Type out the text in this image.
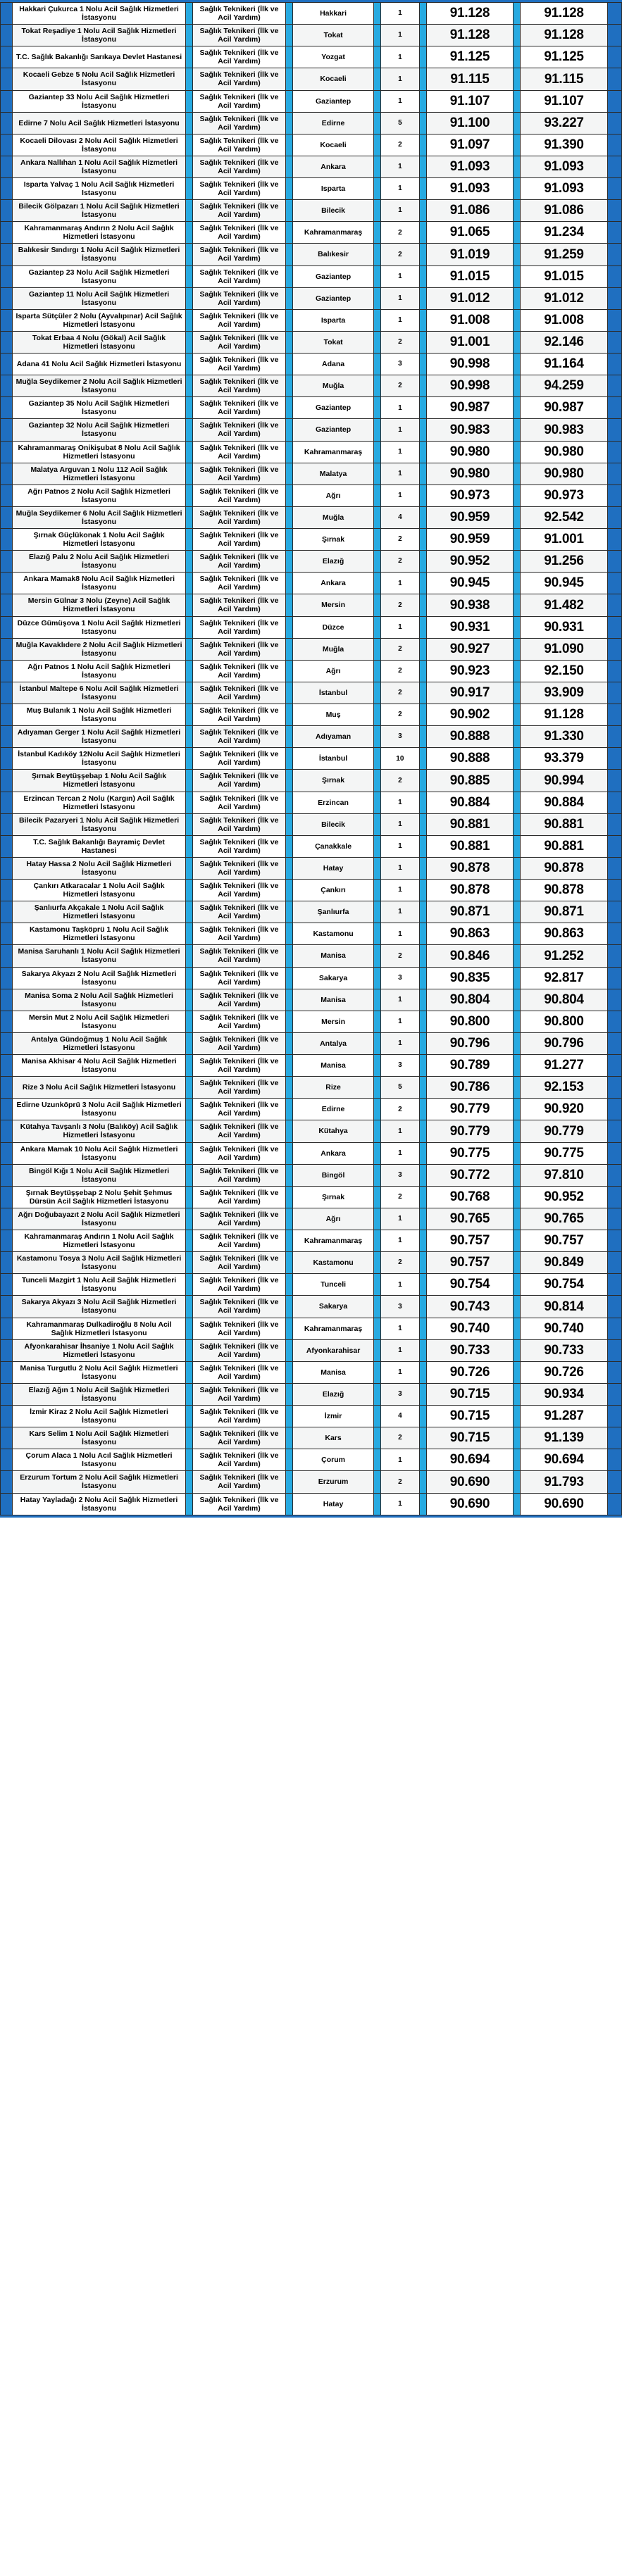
	Hakkari Çukurca 1 Nolu Acil Sağlık Hizmetleri İstasyonu		Sağlık Teknikeri (İlk ve Acil Yardım)		Hakkari		1		91.128		91.128	
	Tokat Reşadiye 1 Nolu Acil Sağlık Hizmetleri İstasyonu		Sağlık Teknikeri (İlk ve Acil Yardım)		Tokat		1		91.128		91.128	
	T.C. Sağlık Bakanlığı Sarıkaya Devlet Hastanesi		Sağlık Teknikeri (İlk ve Acil Yardım)		Yozgat		1		91.125		91.125	
	Kocaeli Gebze 5 Nolu Acil Sağlık Hizmetleri İstasyonu		Sağlık Teknikeri (İlk ve Acil Yardım)		Kocaeli		1		91.115		91.115	
	Gaziantep 33 Nolu Acil Sağlık Hizmetleri İstasyonu		Sağlık Teknikeri (İlk ve Acil Yardım)		Gaziantep		1		91.107		91.107	
	Edirne 7 Nolu Acil Sağlık Hizmetleri İstasyonu		Sağlık Teknikeri (İlk ve Acil Yardım)		Edirne		5		91.100		93.227	
	Kocaeli Dilovası 2 Nolu Acil Sağlık Hizmetleri İstasyonu		Sağlık Teknikeri (İlk ve Acil Yardım)		Kocaeli		2		91.097		91.390	
	Ankara Nallıhan 1 Nolu Acil Sağlık Hizmetleri İstasyonu		Sağlık Teknikeri (İlk ve Acil Yardım)		Ankara		1		91.093		91.093	
	Isparta Yalvaç 1 Nolu Acil Sağlık Hizmetleri Istasyonu		Sağlık Teknikeri (İlk ve Acil Yardım)		Isparta		1		91.093		91.093	
	Bilecik Gölpazarı 1 Nolu Acil Sağlık Hizmetleri İstasyonu		Sağlık Teknikeri (İlk ve Acil Yardım)		Bilecik		1		91.086		91.086	
	Kahramanmaraş Andırın 2 Nolu Acil Sağlık Hizmetleri İstasyonu		Sağlık Teknikeri (İlk ve Acil Yardım)		Kahramanmaraş		2		91.065		91.234	
	Balıkesir Sındırgı 1 Nolu Acil Sağlık Hizmetleri İstasyonu		Sağlık Teknikeri (İlk ve Acil Yardım)		Balıkesir		2		91.019		91.259	
	Gaziantep 23 Nolu Acil Sağlık Hizmetleri İstasyonu		Sağlık Teknikeri (İlk ve Acil Yardım)		Gaziantep		1		91.015		91.015	
	Gaziantep 11 Nolu Acil Sağlık Hizmetleri İstasyonu		Sağlık Teknikeri (İlk ve Acil Yardım)		Gaziantep		1		91.012		91.012	
	Isparta Sütçüler 2 Nolu (Ayvalıpınar) Acil Sağlık Hizmetleri İstasyonu		Sağlık Teknikeri (İlk ve Acil Yardım)		Isparta		1		91.008		91.008	
	Tokat Erbaa 4 Nolu (Gökal) Acil Sağlık Hizmetleri İstasyonu		Sağlık Teknikeri (İlk ve Acil Yardım)		Tokat		2		91.001		92.146	
	Adana 41 Nolu Acil Sağlık Hizmetleri İstasyonu		Sağlık Teknikeri (İlk ve Acil Yardım)		Adana		3		90.998		91.164	
	Muğla Seydikemer 2 Nolu Acil Sağlık Hizmetleri İstasyonu		Sağlık Teknikeri (İlk ve Acil Yardım)		Muğla		2		90.998		94.259	
	Gaziantep 35 Nolu Acil Sağlık Hizmetleri İstasyonu		Sağlık Teknikeri (İlk ve Acil Yardım)		Gaziantep		1		90.987		90.987	
	Gaziantep 32 Nolu Acil Sağlık Hizmetleri İstasyonu		Sağlık Teknikeri (İlk ve Acil Yardım)		Gaziantep		1		90.983		90.983	
	Kahramanmaraş Onikişubat 8 Nolu Acil Sağlık Hizmetleri İstasyonu		Sağlık Teknikeri (İlk ve Acil Yardım)		Kahramanmaraş		1		90.980		90.980	
	Malatya Arguvan 1 Nolu 112 Acil Sağlık Hizmetleri İstasyonu		Sağlık Teknikeri (İlk ve Acil Yardım)		Malatya		1		90.980		90.980	
	Ağrı Patnos 2 Nolu Acil Sağlık Hizmetleri İstasyonu		Sağlık Teknikeri (İlk ve Acil Yardım)		Ağrı		1		90.973		90.973	
	Muğla Seydikemer 6 Nolu Acil Sağlık Hizmetleri İstasyonu		Sağlık Teknikeri (İlk ve Acil Yardım)		Muğla		4		90.959		92.542	
	Şırnak Güçlükonak 1 Nolu Acil Sağlık Hizmetleri İstasyonu		Sağlık Teknikeri (İlk ve Acil Yardım)		Şırnak		2		90.959		91.001	
	Elazığ Palu 2 Nolu Acil Sağlık Hizmetleri İstasyonu		Sağlık Teknikeri (İlk ve Acil Yardım)		Elazığ		2		90.952		91.256	
	Ankara Mamak8 Nolu Acil Sağlık Hizmetleri İstasyonu		Sağlık Teknikeri (İlk ve Acil Yardım)		Ankara		1		90.945		90.945	
	Mersin Gülnar 3 Nolu (Zeyne) Acil Sağlık Hizmetleri İstasyonu		Sağlık Teknikeri (İlk ve Acil Yardım)		Mersin		2		90.938		91.482	
	Düzce Gümüşova 1 Nolu Acil Sağlık Hizmetleri Istasyonu		Sağlık Teknikeri (İlk ve Acil Yardım)		Düzce		1		90.931		90.931	
	Muğla Kavaklıdere 2 Nolu Acil Sağlık Hizmetleri İstasyonu		Sağlık Teknikeri (İlk ve Acil Yardım)		Muğla		2		90.927		91.090	
	Ağrı Patnos 1 Nolu Acil Sağlık Hizmetleri İstasyonu		Sağlık Teknikeri (İlk ve Acil Yardım)		Ağrı		2		90.923		92.150	
	İstanbul Maltepe 6 Nolu Acil Sağlık Hizmetleri İstasyonu		Sağlık Teknikeri (İlk ve Acil Yardım)		İstanbul		2		90.917		93.909	
	Muş Bulanık 1 Nolu Acil Sağlık Hizmetleri İstasyonu		Sağlık Teknikeri (İlk ve Acil Yardım)		Muş		2		90.902		91.128	
	Adıyaman Gerger 1 Nolu Acil Sağlık Hizmetleri İstasyonu		Sağlık Teknikeri (İlk ve Acil Yardım)		Adıyaman		3		90.888		91.330	
	İstanbul Kadıköy 12Nolu Acil Sağlık Hizmetleri İstasyonu		Sağlık Teknikeri (İlk ve Acil Yardım)		İstanbul		10		90.888		93.379	
	Şırnak Beytüşşebap 1 Nolu Acil Sağlık Hizmetleri İstasyonu		Sağlık Teknikeri (İlk ve Acil Yardım)		Şırnak		2		90.885		90.994	
	Erzincan Tercan 2 Nolu (Kargın) Acil Sağlık Hizmetleri İstasyonu		Sağlık Teknikeri (İlk ve Acil Yardım)		Erzincan		1		90.884		90.884	
	Bilecik Pazaryeri 1 Nolu Acil Sağlık Hizmetleri İstasyonu		Sağlık Teknikeri (İlk ve Acil Yardım)		Bilecik		1		90.881		90.881	
	T.C. Sağlık Bakanlığı Bayramiç Devlet Hastanesi		Sağlık Teknikeri (İlk ve Acil Yardım)		Çanakkale		1		90.881		90.881	
	Hatay Hassa 2 Nolu Acil Sağlık Hizmetleri İstasyonu		Sağlık Teknikeri (İlk ve Acil Yardım)		Hatay		1		90.878		90.878	
	Çankırı Atkaracalar 1 Nolu Acil Sağlık Hizmetleri İstasyonu		Sağlık Teknikeri (İlk ve Acil Yardım)		Çankırı		1		90.878		90.878	
	Şanlıurfa Akçakale 1 Nolu Acil Sağlık Hizmetleri İstasyonu		Sağlık Teknikeri (İlk ve Acil Yardım)		Şanlıurfa		1		90.871		90.871	
	Kastamonu Taşköprü 1 Nolu Acil Sağlık Hizmetleri İstasyonu		Sağlık Teknikeri (İlk ve Acil Yardım)		Kastamonu		1		90.863		90.863	
	Manisa Saruhanlı 1 Nolu Acil Sağlık Hizmetleri İstasyonu		Sağlık Teknikeri (İlk ve Acil Yardım)		Manisa		2		90.846		91.252	
	Sakarya Akyazı 2 Nolu Acil Sağlık Hizmetleri İstasyonu		Sağlık Teknikeri (İlk ve Acil Yardım)		Sakarya		3		90.835		92.817	
	Manisa Soma 2 Nolu Acil Sağlık Hizmetleri İstasyonu		Sağlık Teknikeri (İlk ve Acil Yardım)		Manisa		1		90.804		90.804	
	Mersin Mut 2 Nolu Acil Sağlık Hizmetleri İstasyonu		Sağlık Teknikeri (İlk ve Acil Yardım)		Mersin		1		90.800		90.800	
	Antalya Gündoğmuş 1 Nolu Acil Sağlık Hizmetleri İstasyonu		Sağlık Teknikeri (İlk ve Acil Yardım)		Antalya		1		90.796		90.796	
	Manisa Akhisar 4 Nolu Acil Sağlık Hizmetleri İstasyonu		Sağlık Teknikeri (İlk ve Acil Yardım)		Manisa		3		90.789		91.277	
	Rize 3 Nolu Acil Sağlık Hizmetleri İstasyonu		Sağlık Teknikeri (İlk ve Acil Yardım)		Rize		5		90.786		92.153	
	Edirne Uzunköprü 3 Nolu Acil Sağlık Hizmetleri İstasyonu		Sağlık Teknikeri (İlk ve Acil Yardım)		Edirne		2		90.779		90.920	
	Kütahya Tavşanlı 3 Nolu (Balıköy) Acil Sağlık Hizmetleri İstasyonu		Sağlık Teknikeri (İlk ve Acil Yardım)		Kütahya		1		90.779		90.779	
	Ankara Mamak 10 Nolu Acil Sağlık Hizmetleri İstasyonu		Sağlık Teknikeri (İlk ve Acil Yardım)		Ankara		1		90.775		90.775	
	Bingöl Kığı 1 Nolu Acil Sağlık Hizmetleri İstasyonu		Sağlık Teknikeri (İlk ve Acil Yardım)		Bingöl		3		90.772		97.810	
	Şırnak Beytüşşebap 2 Nolu Şehit Şehmus Dürsün Acil Sağlık Hizmetleri İstasyonu		Sağlık Teknikeri (İlk ve Acil Yardım)		Şırnak		2		90.768		90.952	
	Ağrı Doğubayazıt 2 Nolu Acil Sağlık Hizmetleri İstasyonu		Sağlık Teknikeri (İlk ve Acil Yardım)		Ağrı		1		90.765		90.765	
	Kahramanmaraş Andırın 1 Nolu Acil Sağlık Hizmetleri İstasyonu		Sağlık Teknikeri (İlk ve Acil Yardım)		Kahramanmaraş		1		90.757		90.757	
	Kastamonu Tosya 3 Nolu Acil Sağlık Hizmetleri İstasyonu		Sağlık Teknikeri (İlk ve Acil Yardım)		Kastamonu		2		90.757		90.849	
	Tunceli Mazgirt 1 Nolu Acil Sağlık Hizmetleri İstasyonu		Sağlık Teknikeri (İlk ve Acil Yardım)		Tunceli		1		90.754		90.754	
	Sakarya Akyazı 3 Nolu Acil Sağlık Hizmetleri İstasyonu		Sağlık Teknikeri (İlk ve Acil Yardım)		Sakarya		3		90.743		90.814	
	Kahramanmaraş Dulkadiroğlu 8 Nolu Acil Sağlık Hizmetleri İstasyonu		Sağlık Teknikeri (İlk ve Acil Yardım)		Kahramanmaraş		1		90.740		90.740	
	Afyonkarahisar İhsaniye 1 Nolu Acil Sağlık Hizmetleri İstasyonu		Sağlık Teknikeri (İlk ve Acil Yardım)		Afyonkarahisar		1		90.733		90.733	
	Manisa Turgutlu 2 Nolu Acil Sağlık Hizmetleri İstasyonu		Sağlık Teknikeri (İlk ve Acil Yardım)		Manisa		1		90.726		90.726	
	Elazığ Ağın 1 Nolu Acil Sağlık Hizmetleri İstasyonu		Sağlık Teknikeri (İlk ve Acil Yardım)		Elazığ		3		90.715		90.934	
	İzmir Kiraz 2 Nolu Acil Sağlık Hizmetleri İstasyonu		Sağlık Teknikeri (İlk ve Acil Yardım)		İzmir		4		90.715		91.287	
	Kars Selim 1 Nolu Acil Sağlık Hizmetleri İstasyonu		Sağlık Teknikeri (İlk ve Acil Yardım)		Kars		2		90.715		91.139	
	Çorum Alaca 1 Nolu Acıl Sağlık Hizmetleri Istasyonu		Sağlık Teknikeri (İlk ve Acil Yardım)		Çorum		1		90.694		90.694	
	Erzurum Tortum 2 Nolu Acil Sağlık Hizmetleri İstasyonu		Sağlık Teknikeri (İlk ve Acil Yardım)		Erzurum		2		90.690		91.793	
	Hatay Yayladağı 2 Nolu Acil Sağlık Hizmetleri İstasyonu		Sağlık Teknikeri (İlk ve Acil Yardım)		Hatay		1		90.690		90.690	
